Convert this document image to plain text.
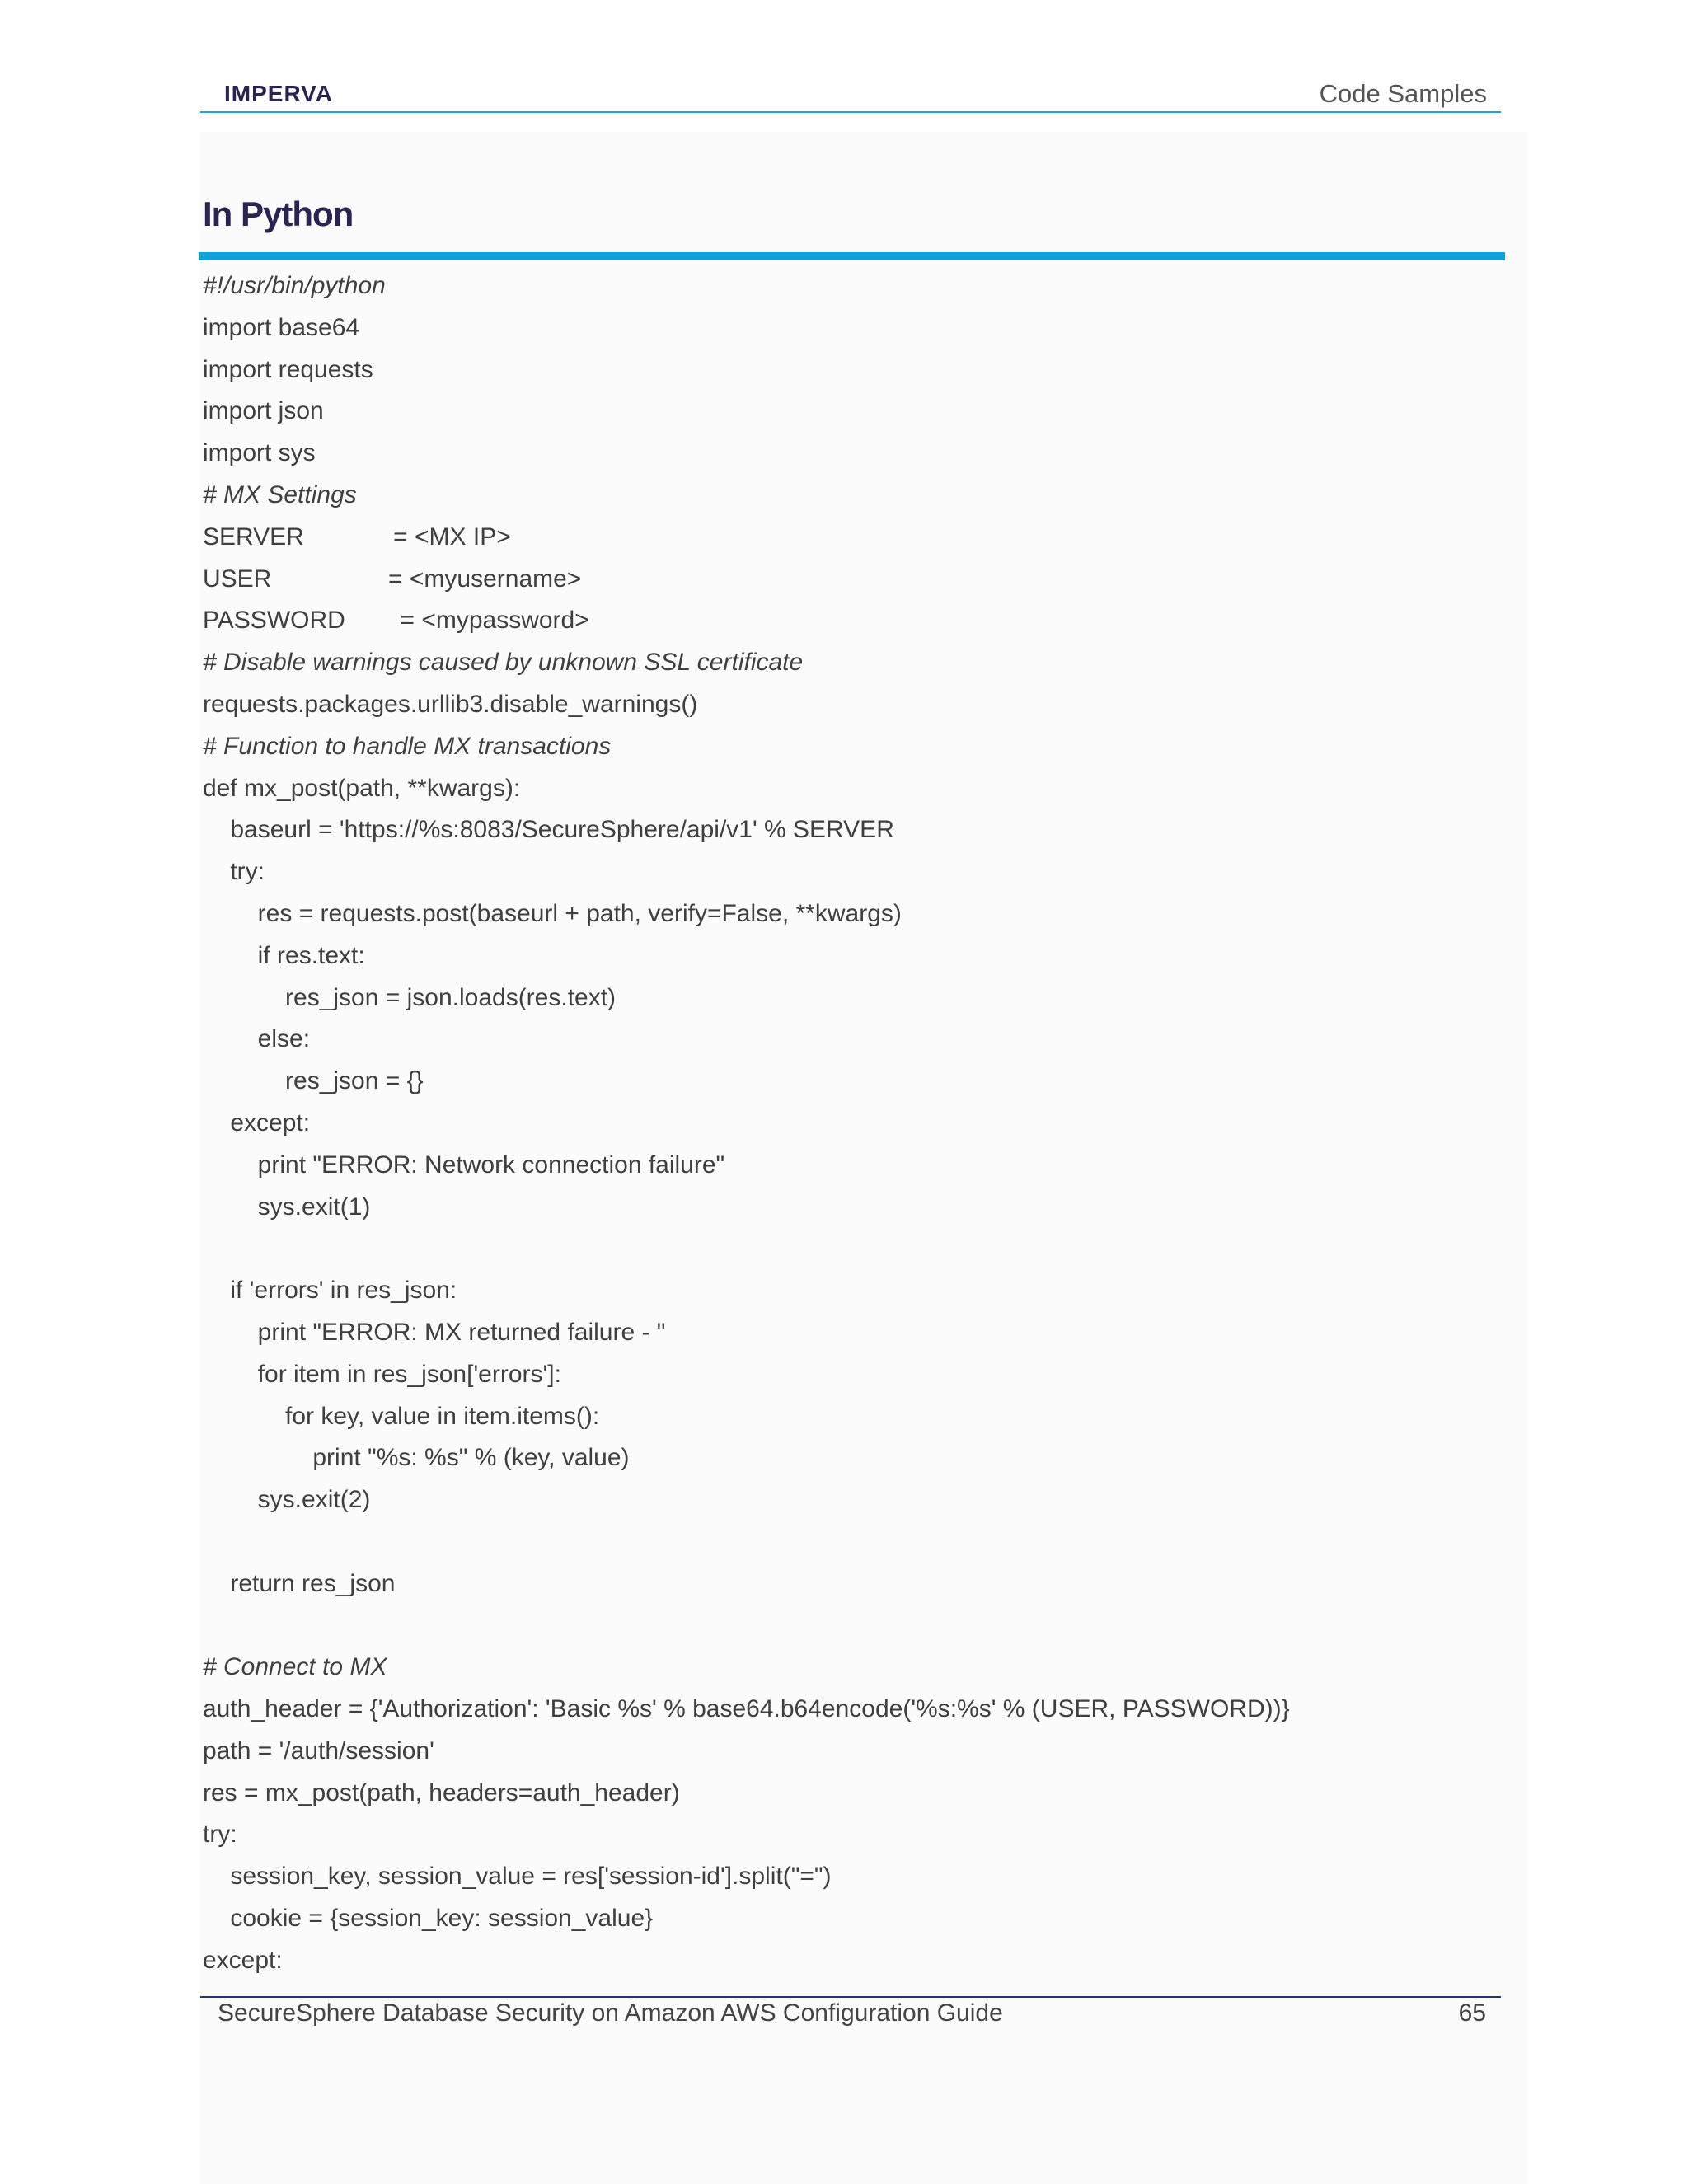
IMPERVA	Code Samples
In Python
#!/usr/bin/python
import base64
import requests
import json
import sys
# MX Settings
SERVER             = <MX IP>
USER                 = <myusername>
PASSWORD        = <mypassword>
# Disable warnings caused by unknown SSL certificate
requests.packages.urllib3.disable_warnings()
# Function to handle MX transactions
def mx_post(path, **kwargs):
baseurl = 'https://%s:8083/SecureSphere/api/v1' % SERVER
try:
res = requests.post(baseurl + path, verify=False, **kwargs)
if res.text:
res_json = json.loads(res.text)
else:
res_json = {}
except:
print "ERROR: Network connection failure"
sys.exit(1)
if 'errors' in res_json:
print "ERROR: MX returned failure - "
for item in res_json['errors']:
for key, value in item.items():
print "%s: %s" % (key, value)
sys.exit(2)
return res_json
# Connect to MX
auth_header = {'Authorization': 'Basic %s' % base64.b64encode('%s:%s' % (USER, PASSWORD))}
path = '/auth/session'
res = mx_post(path, headers=auth_header)
try:
session_key, session_value = res['session-id'].split("=")
cookie = {session_key: session_value}
except:
SecureSphere Database Security on Amazon AWS Configuration Guide	65
